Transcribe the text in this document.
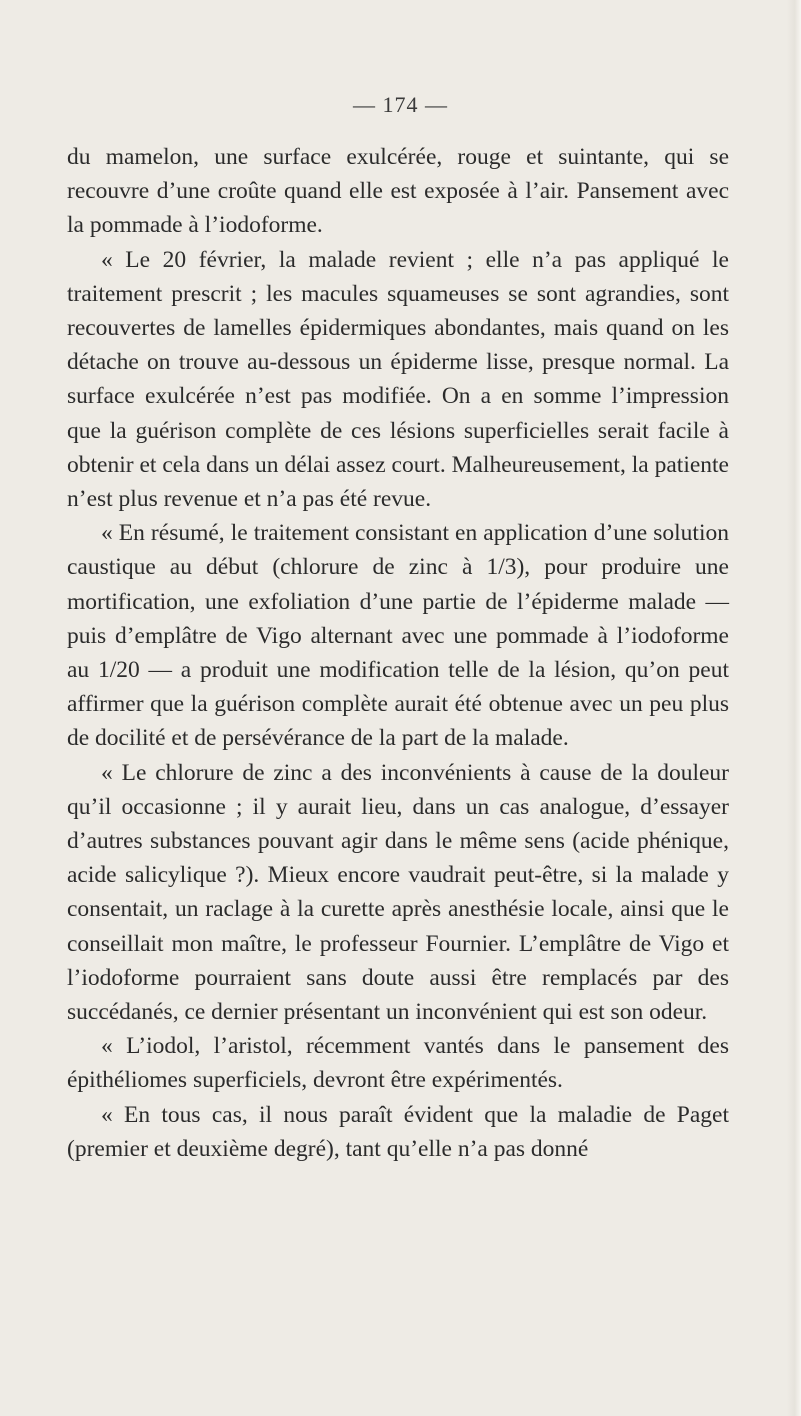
— 174 —

du mamelon, une surface exulcérée, rouge et suintante, qui se recouvre d’une croûte quand elle est exposée à l’air. Pansement avec la pommade à l’iodoforme.

« Le 20 février, la malade revient ; elle n’a pas appliqué le traitement prescrit ; les macules squameuses se sont agrandies, sont recouvertes de lamelles épidermiques abondantes, mais quand on les détache on trouve au-dessous un épiderme lisse, presque normal. La surface exulcérée n’est pas modifiée. On a en somme l’impression que la guérison complète de ces lésions superficielles serait facile à obtenir et cela dans un délai assez court. Malheureusement, la patiente n’est plus revenue et n’a pas été revue.

« En résumé, le traitement consistant en application d’une solution caustique au début (chlorure de zinc à 1/3), pour produire une mortification, une exfoliation d’une partie de l’épiderme malade — puis d’emplâtre de Vigo alternant avec une pommade à l’iodoforme au 1/20 — a produit une modification telle de la lésion, qu’on peut affirmer que la guérison complète aurait été obtenue avec un peu plus de docilité et de persévérance de la part de la malade.

« Le chlorure de zinc a des inconvénients à cause de la douleur qu’il occasionne ; il y aurait lieu, dans un cas analogue, d’essayer d’autres substances pouvant agir dans le même sens (acide phénique, acide salicylique ?). Mieux encore vaudrait peut-être, si la malade y consentait, un raclage à la curette après anesthésie locale, ainsi que le conseillait mon maître, le professeur Fournier. L’emplâtre de Vigo et l’iodoforme pourraient sans doute aussi être remplacés par des succédanés, ce dernier présentant un inconvénient qui est son odeur.

« L’iodol, l’aristol, récemment vantés dans le pansement des épithéliomes superficiels, devront être expérimentés.

« En tous cas, il nous paraît évident que la maladie de Paget (premier et deuxième degré), tant qu’elle n’a pas donné
